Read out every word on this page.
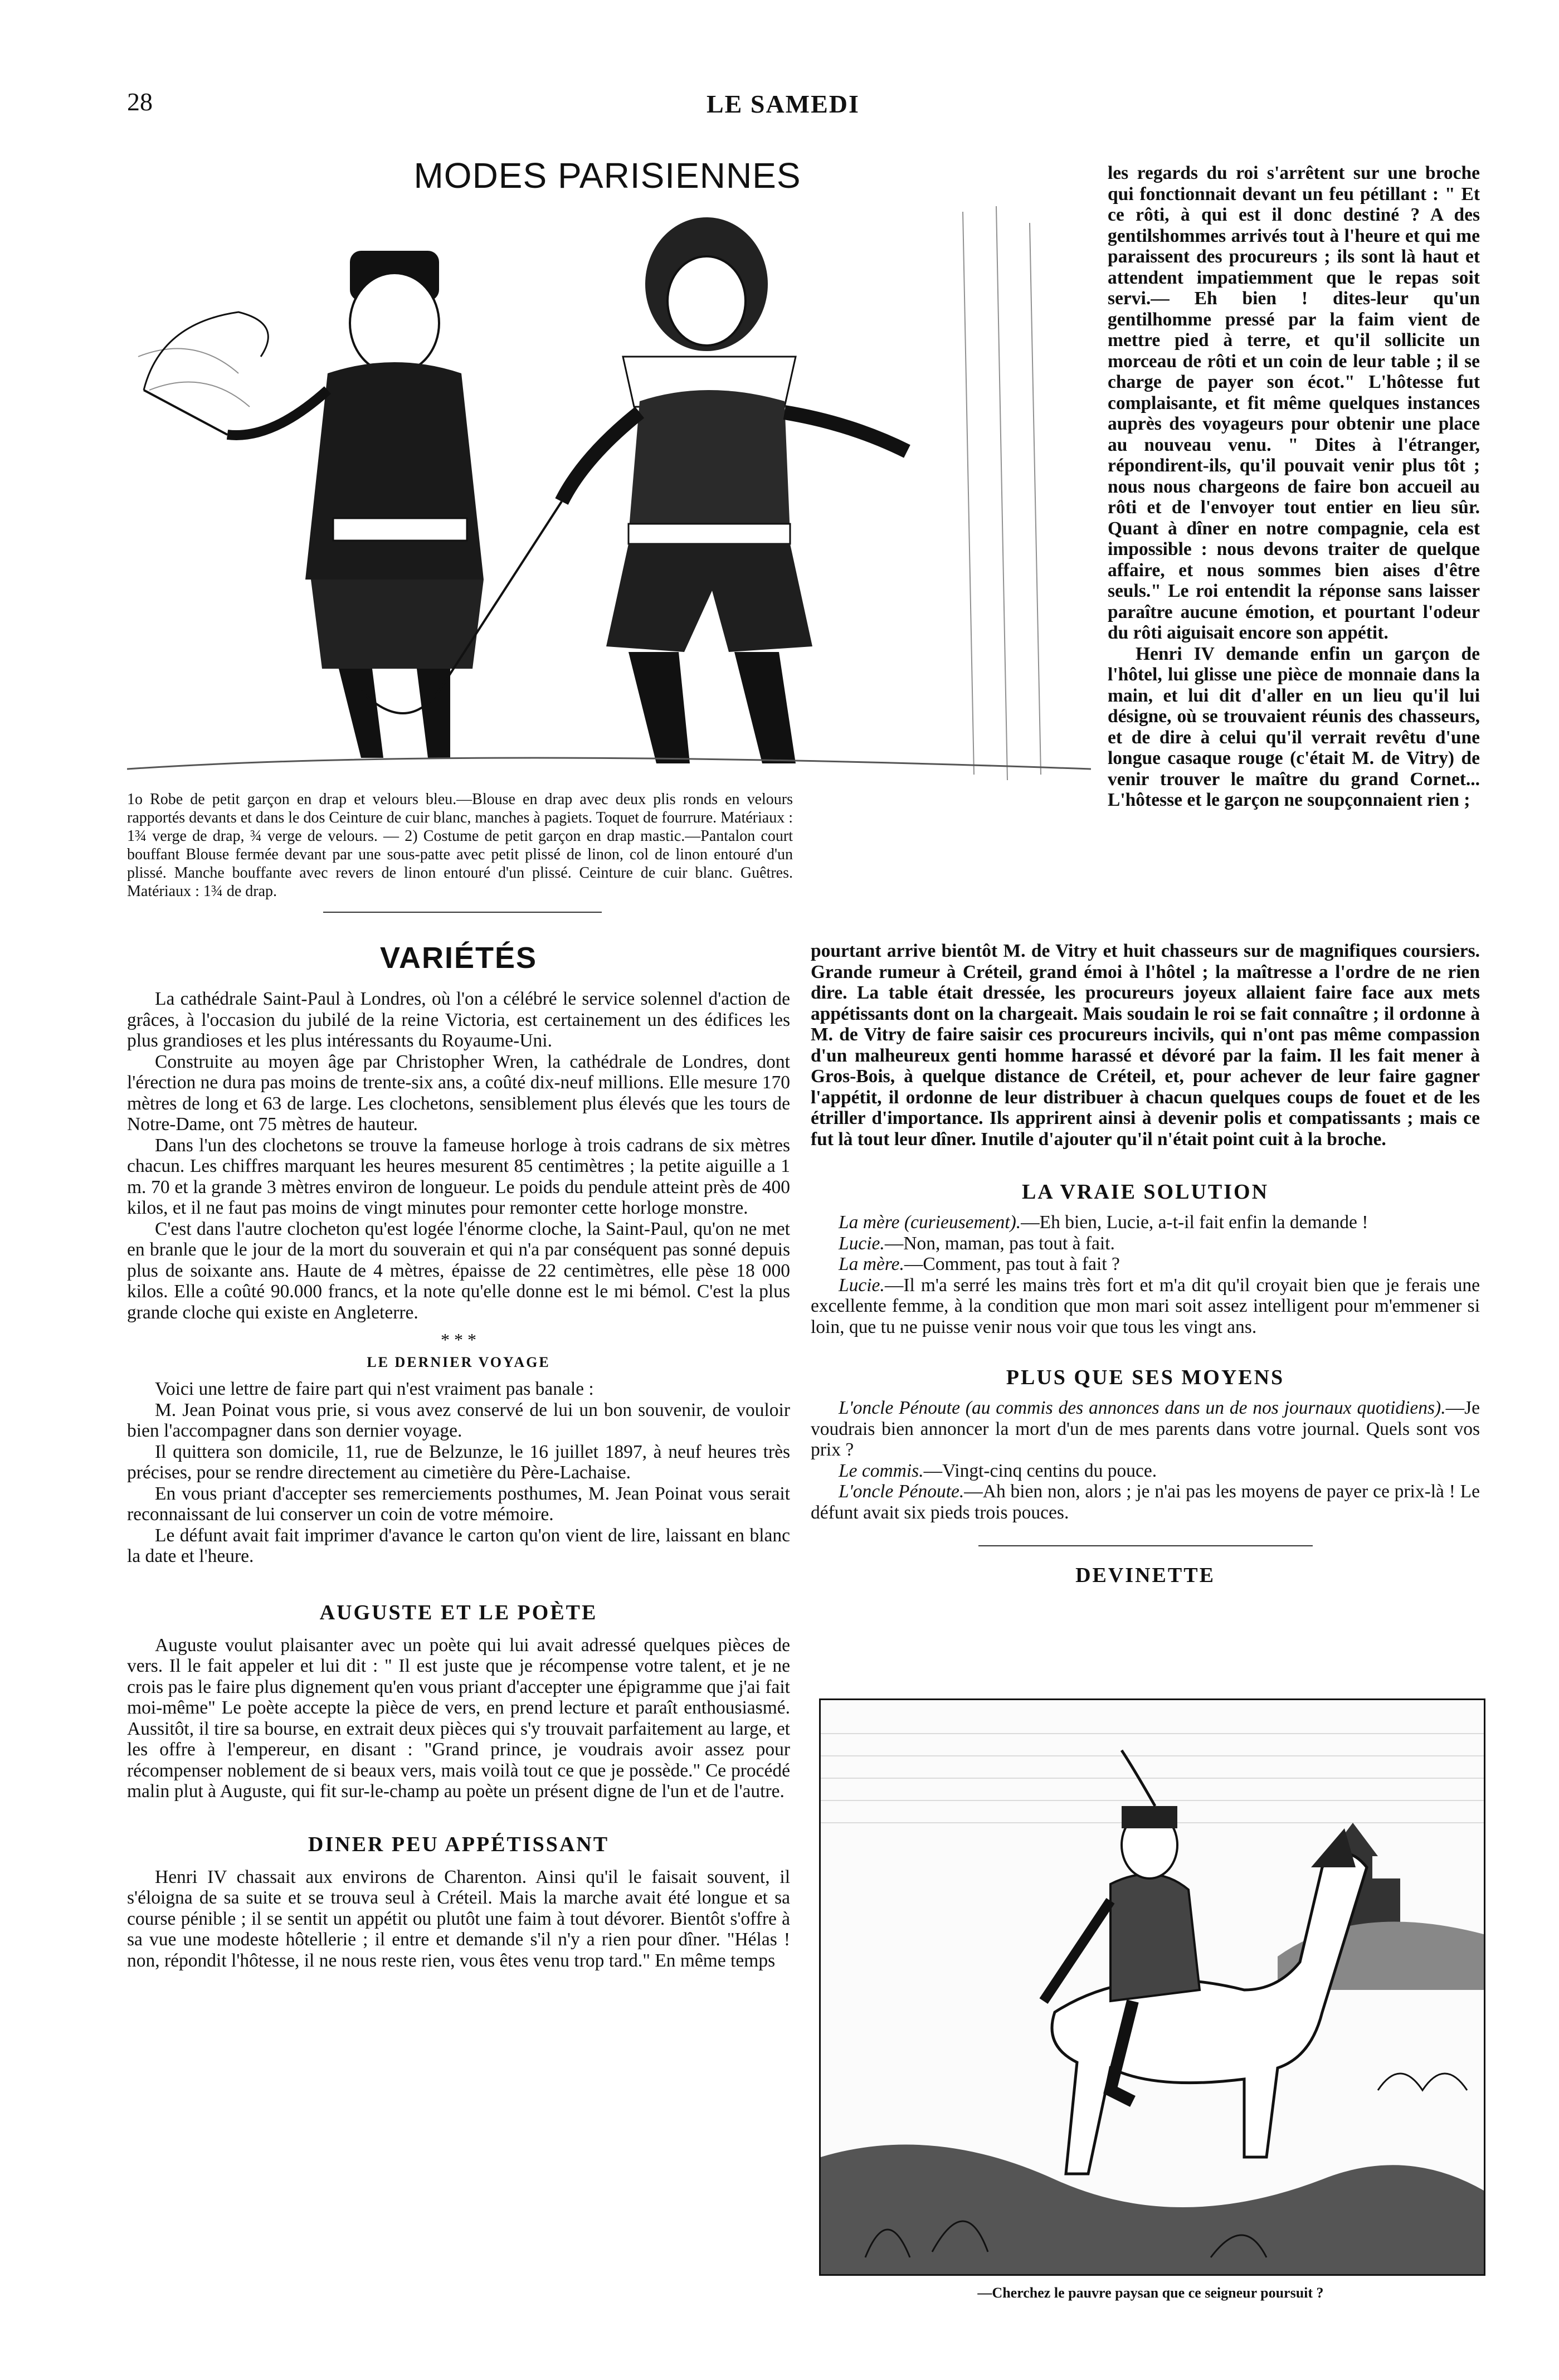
28	LE SAMEDI
MODES PARISIENNES
1o Robe de petit garçon en drap et velours bleu.—Blouse en drap avec deux plis ronds en velours rapportés devants et dans le dos Ceinture de cuir blanc, manches à pagiets. Toquet de fourrure. Matériaux : 1¾ verge de drap, ¾ verge de velours. — 2) Costume de petit garçon en drap mastic.—Pantalon court bouffant Blouse fermée devant par une sous-patte avec petit plissé de linon, col de linon entouré d'un plissé. Manche bouffante avec revers de linon entouré d'un plissé. Ceinture de cuir blanc. Guêtres. Matériaux : 1¾ de drap.
VARIÉTÉS

La cathédrale Saint-Paul à Londres, où l'on a célébré le service solennel d'action de grâces, à l'occasion du jubilé de la reine Victoria, est certainement un des édifices les plus grandioses et les plus intéressants du Royaume-Uni.

Construite au moyen âge par Christopher Wren, la cathédrale de Londres, dont l'érection ne dura pas moins de trente-six ans, a coûté dix-neuf millions. Elle mesure 170 mètres de long et 63 de large. Les clochetons, sensiblement plus élevés que les tours de Notre-Dame, ont 75 mètres de hauteur.

Dans l'un des clochetons se trouve la fameuse horloge à trois cadrans de six mètres chacun. Les chiffres marquant les heures mesurent 85 centimètres ; la petite aiguille a 1 m. 70 et la grande 3 mètres environ de longueur. Le poids du pendule atteint près de 400 kilos, et il ne faut pas moins de vingt minutes pour remonter cette horloge monstre.

C'est dans l'autre clocheton qu'est logée l'énorme cloche, la Saint-Paul, qu'on ne met en branle que le jour de la mort du souverain et qui n'a par conséquent pas sonné depuis plus de soixante ans. Haute de 4 mètres, épaisse de 22 centimètres, elle pèse 18 000 kilos. Elle a coûté 90.000 francs, et la note qu'elle donne est le mi bémol. C'est la plus grande cloche qui existe en Angleterre.

* * *
LE DERNIER VOYAGE

Voici une lettre de faire part qui n'est vraiment pas banale :

M. Jean Poinat vous prie, si vous avez conservé de lui un bon souvenir, de vouloir bien l'accompagner dans son dernier voyage.

Il quittera son domicile, 11, rue de Belzunze, le 16 juillet 1897, à neuf heures très précises, pour se rendre directement au cimetière du Père-Lachaise.

En vous priant d'accepter ses remerciements posthumes, M. Jean Poinat vous serait reconnaissant de lui conserver un coin de votre mémoire.

Le défunt avait fait imprimer d'avance le carton qu'on vient de lire, laissant en blanc la date et l'heure.

AUGUSTE ET LE POÈTE

Auguste voulut plaisanter avec un poète qui lui avait adressé quelques pièces de vers. Il le fait appeler et lui dit : " Il est juste que je récompense votre talent, et je ne crois pas le faire plus dignement qu'en vous priant d'accepter une épigramme que j'ai fait moi-même" Le poète accepte la pièce de vers, en prend lecture et paraît enthousiasmé. Aussitôt, il tire sa bourse, en extrait deux pièces qui s'y trouvait parfaitement au large, et les offre à l'empereur, en disant : "Grand prince, je voudrais avoir assez pour récompenser noblement de si beaux vers, mais voilà tout ce que je possède." Ce procédé malin plut à Auguste, qui fit sur-le-champ au poète un présent digne de l'un et de l'autre.

DINER PEU APPÉTISSANT

Henri IV chassait aux environs de Charenton. Ainsi qu'il le faisait souvent, il s'éloigna de sa suite et se trouva seul à Créteil. Mais la marche avait été longue et sa course pénible ; il se sentit un appétit ou plutôt une faim à tout dévorer. Bientôt s'offre à sa vue une modeste hôtellerie ; il entre et demande s'il n'y a rien pour dîner. "Hélas ! non, répondit l'hôtesse, il ne nous reste rien, vous êtes venu trop tard." En même temps

les regards du roi s'arrêtent sur une broche qui fonctionnait devant un feu pétillant : " Et ce rôti, à qui est il donc destiné ? A des gentilshommes arrivés tout à l'heure et qui me paraissent des procureurs ; ils sont là haut et attendent impatiemment que le repas soit servi.— Eh bien ! dites-leur qu'un gentilhomme pressé par la faim vient de mettre pied à terre, et qu'il sollicite un morceau de rôti et un coin de leur table ; il se charge de payer son écot." L'hôtesse fut complaisante, et fit même quelques instances auprès des voyageurs pour obtenir une place au nouveau venu. " Dites à l'étranger, répondirent-ils, qu'il pouvait venir plus tôt ; nous nous chargeons de faire bon accueil au rôti et de l'envoyer tout entier en lieu sûr. Quant à dîner en notre compagnie, cela est impossible : nous devons traiter de quelque affaire, et nous sommes bien aises d'être seuls." Le roi entendit la réponse sans laisser paraître aucune émotion, et pourtant l'odeur du rôti aiguisait encore son appétit.

Henri IV demande enfin un garçon de l'hôtel, lui glisse une pièce de monnaie dans la main, et lui dit d'aller en un lieu qu'il lui désigne, où se trouvaient réunis des chasseurs, et de dire à celui qu'il verrait revêtu d'une longue casaque rouge (c'était M. de Vitry) de venir trouver le maître du grand Cornet... L'hôtesse et le garçon ne soupçonnaient rien ;

pourtant arrive bientôt M. de Vitry et huit chasseurs sur de magnifiques coursiers. Grande rumeur à Créteil, grand émoi à l'hôtel ; la maîtresse a l'ordre de ne rien dire. La table était dressée, les procureurs joyeux allaient faire face aux mets appétissants dont on la chargeait. Mais soudain le roi se fait connaître ; il ordonne à M. de Vitry de faire saisir ces procureurs incivils, qui n'ont pas même compassion d'un malheureux genti homme harassé et dévoré par la faim. Il les fait mener à Gros-Bois, à quelque distance de Créteil, et, pour achever de leur faire gagner l'appétit, il ordonne de leur distribuer à chacun quelques coups de fouet et de les étriller d'importance. Ils apprirent ainsi à devenir polis et compatissants ; mais ce fut là tout leur dîner. Inutile d'ajouter qu'il n'était point cuit à la broche.

LA VRAIE SOLUTION

La mère (curieusement).—Eh bien, Lucie, a-t-il fait enfin la demande !

Lucie.—Non, maman, pas tout à fait.

La mère.—Comment, pas tout à fait ?

Lucie.—Il m'a serré les mains très fort et m'a dit qu'il croyait bien que je ferais une excellente femme, à la condition que mon mari soit assez intelligent pour m'emmener si loin, que tu ne puisse venir nous voir que tous les vingt ans.

PLUS QUE SES MOYENS

L'oncle Pénoute (au commis des annonces dans un de nos journaux quotidiens).—Je voudrais bien annoncer la mort d'un de mes parents dans votre journal. Quels sont vos prix ?

Le commis.—Vingt-cinq centins du pouce.

L'oncle Pénoute.—Ah bien non, alors ; je n'ai pas les moyens de payer ce prix-là ! Le défunt avait six pieds trois pouces.

DEVINETTE
—Cherchez le pauvre paysan que ce seigneur poursuit ?
